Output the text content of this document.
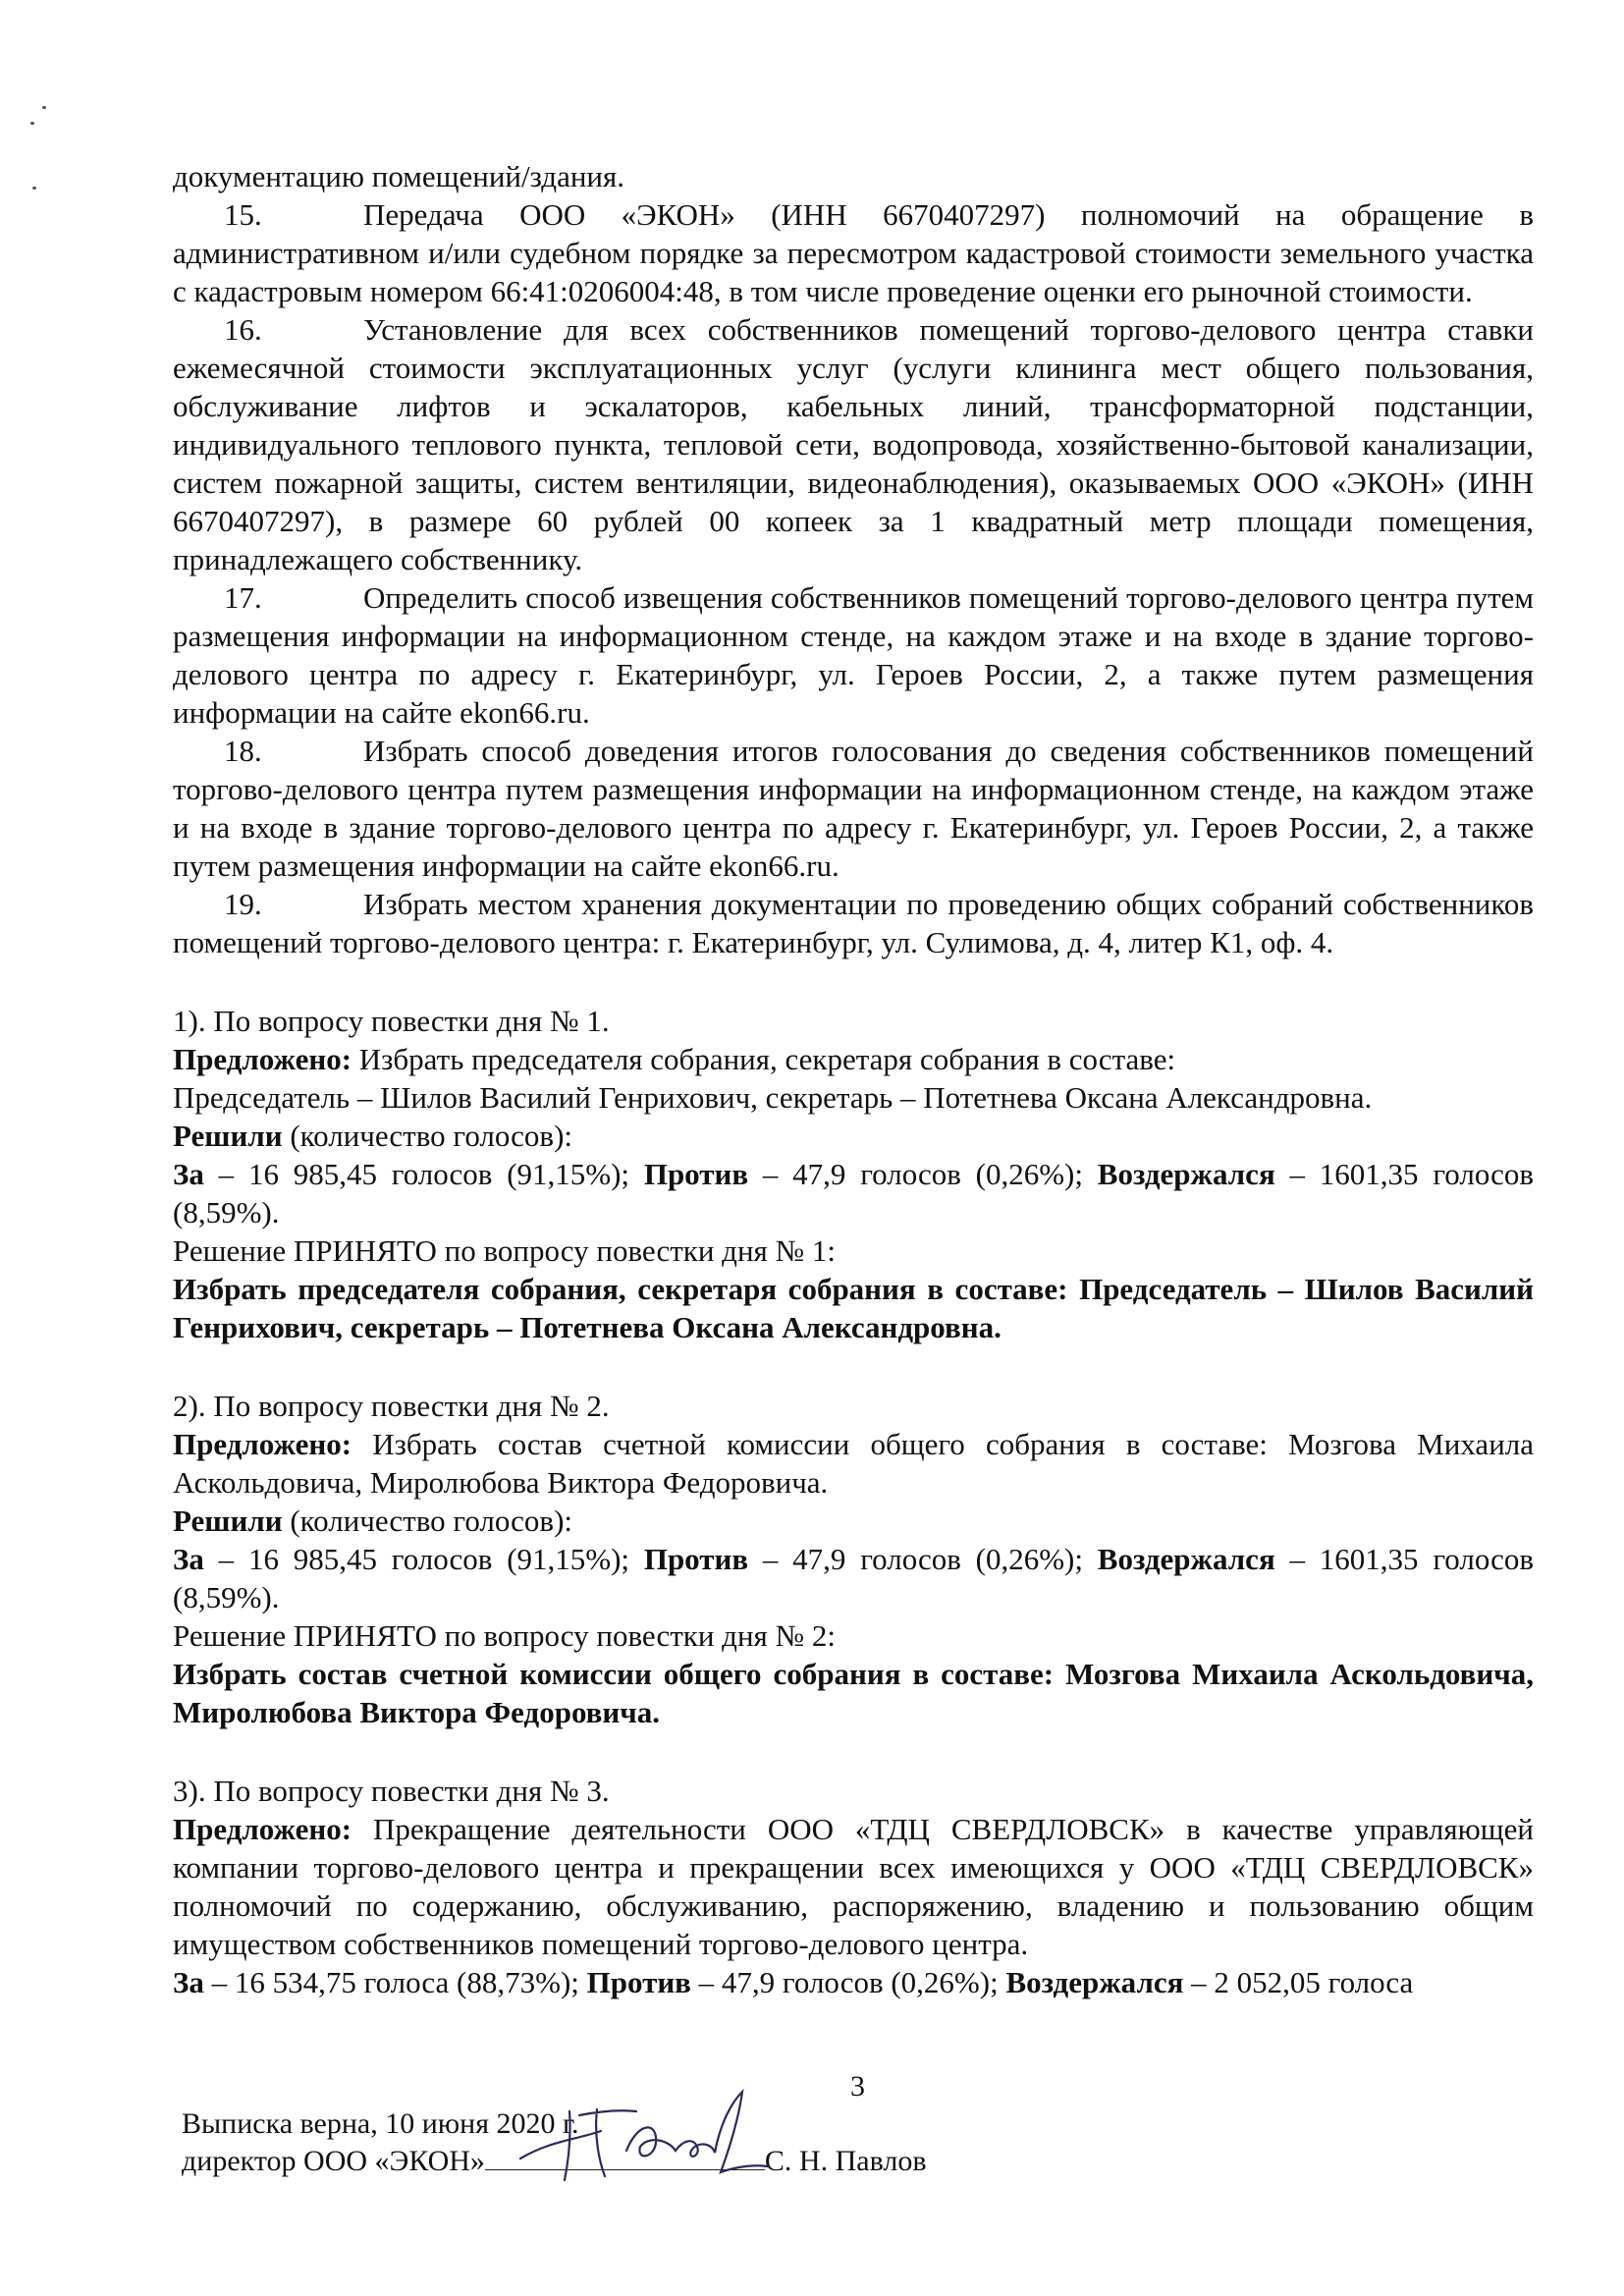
документацию помещений/здания.

15.	Передача ООО «ЭКОН» (ИНН 6670407297) полномочий на обращение в административном и/или судебном порядке за пересмотром кадастровой стоимости земельного участка с кадастровым номером 66:41:0206004:48, в том числе проведение оценки его рыночной стоимости.

16.	Установление для всех собственников помещений торгово-делового центра ставки ежемесячной стоимости эксплуатационных услуг (услуги клининга мест общего пользования, обслуживание лифтов и эскалаторов, кабельных линий, трансформаторной подстанции, индивидуального теплового пункта, тепловой сети, водопровода, хозяйственно-бытовой канализации, систем пожарной защиты, систем вентиляции, видеонаблюдения), оказываемых ООО «ЭКОН» (ИНН 6670407297), в размере 60 рублей 00 копеек за 1 квадратный метр площади помещения, принадлежащего собственнику.

17.	Определить способ извещения собственников помещений торгово-делового центра путем размещения информации на информационном стенде, на каждом этаже и на входе в здание торгово-делового центра по адресу г. Екатеринбург, ул. Героев России, 2, а также путем размещения информации на сайте ekon66.ru.

18.	Избрать способ доведения итогов голосования до сведения собственников помещений торгово-делового центра путем размещения информации на информационном стенде, на каждом этаже и на входе в здание торгово-делового центра по адресу г. Екатеринбург, ул. Героев России, 2, а также путем размещения информации на сайте ekon66.ru.

19.	Избрать местом хранения документации по проведению общих собраний собственников помещений торгово-делового центра: г. Екатеринбург, ул. Сулимова, д. 4, литер К1, оф. 4.

1). По вопросу повестки дня № 1.

Предложено: Избрать председателя собрания, секретаря собрания в составе:

Председатель – Шилов Василий Генрихович, секретарь – Потетнева Оксана Александровна.

Решили (количество голосов):

За – 16 985,45 голосов (91,15%); Против – 47,9 голосов (0,26%); Воздержался – 1601,35 голосов (8,59%).

Решение ПРИНЯТО по вопросу повестки дня № 1:

Избрать председателя собрания, секретаря собрания в составе: Председатель – Шилов Василий Генрихович, секретарь – Потетнева Оксана Александровна.

2). По вопросу повестки дня № 2.

Предложено: Избрать состав счетной комиссии общего собрания в составе: Мозгова Михаила Аскольдовича, Миролюбова Виктора Федоровича.

Решили (количество голосов):

За – 16 985,45 голосов (91,15%); Против – 47,9 голосов (0,26%); Воздержался – 1601,35 голосов (8,59%).

Решение ПРИНЯТО по вопросу повестки дня № 2:

Избрать состав счетной комиссии общего собрания в составе: Мозгова Михаила Аскольдовича, Миролюбова Виктора Федоровича.

3). По вопросу повестки дня № 3.

Предложено: Прекращение деятельности ООО «ТДЦ СВЕРДЛОВСК» в качестве управляющей компании торгово-делового центра и прекращении всех имеющихся у ООО «ТДЦ СВЕРДЛОВСК» полномочий по содержанию, обслуживанию, распоряжению, владению и пользованию общим имуществом собственников помещений торгово-делового центра.

За – 16 534,75 голоса (88,73%); Против – 47,9 голосов (0,26%); Воздержался – 2 052,05 голоса

3
Выписка верна, 10 июня 2020 г.
директор ООО «ЭКОН»	С. Н. Павлов
